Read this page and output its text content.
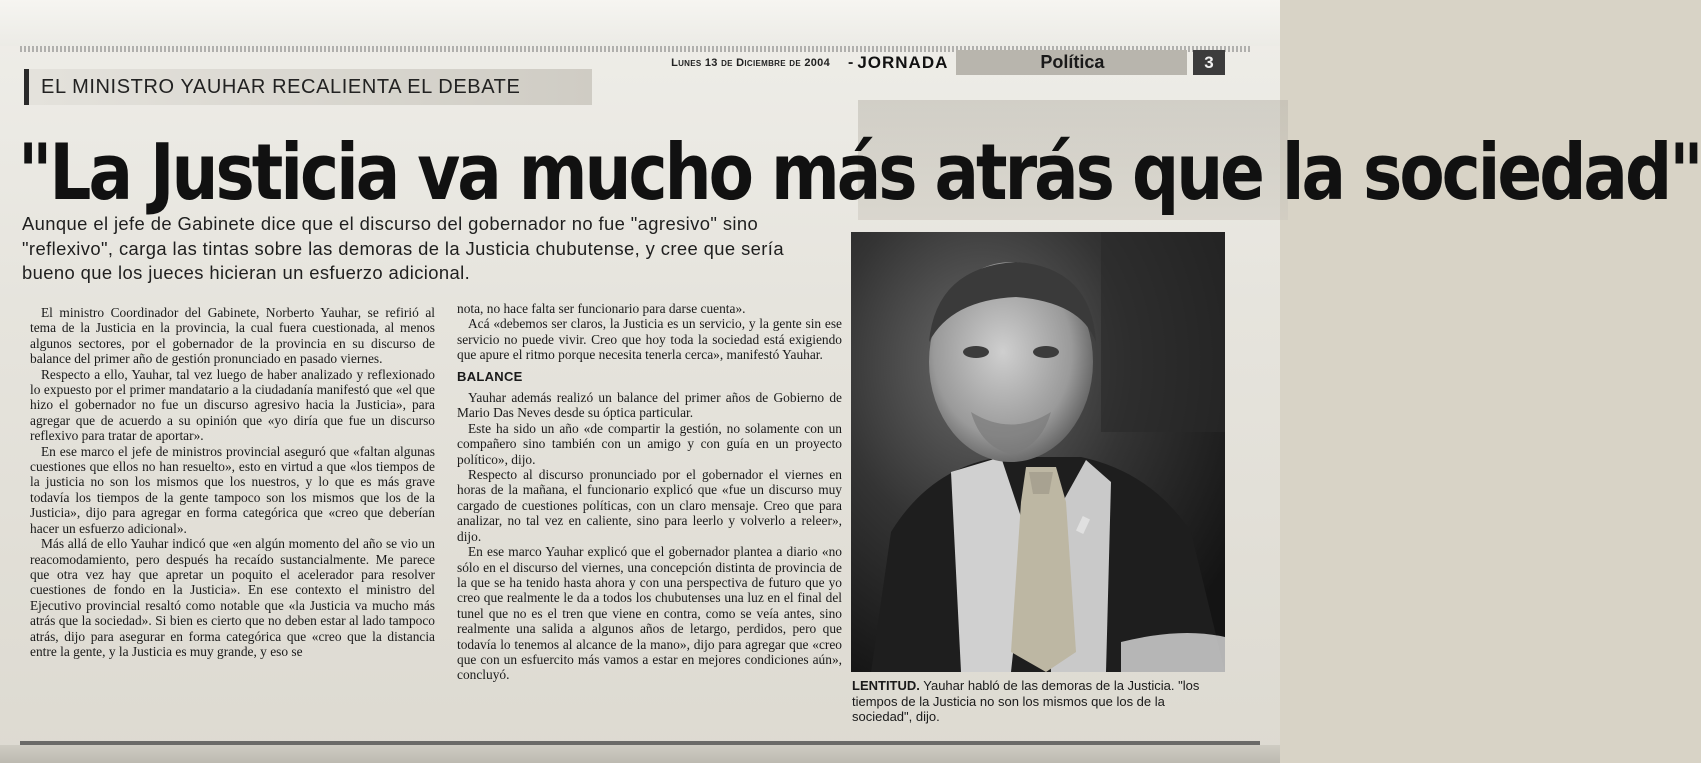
Lunes 13 de Diciembre de 2004 - JORNADA	Política	3
EL MINISTRO YAUHAR RECALIENTA EL DEBATE
"La Justicia va mucho más atrás que la sociedad"
Aunque el jefe de Gabinete dice que el discurso del gobernador no fue "agresivo" sino "reflexivo", carga las tintas sobre las demoras de la Justicia chubutense, y cree que sería bueno que los jueces hicieran un esfuerzo adicional.

El ministro Coordinador del Gabinete, Norberto Yauhar, se refirió al tema de la Justicia en la provincia, la cual fuera cuestionada, al menos algunos sectores, por el gobernador de la provincia en su discurso de balance del primer año de gestión pronunciado en pasado viernes.

Respecto a ello, Yauhar, tal vez luego de haber analizado y reflexionado lo expuesto por el primer mandatario a la ciudadanía manifestó que «el que hizo el gobernador no fue un discurso agresivo hacia la Justicia», para agregar que de acuerdo a su opinión que «yo diría que fue un discurso reflexivo para tratar de aportar».

En ese marco el jefe de ministros provincial aseguró que «faltan algunas cuestiones que ellos no han resuelto», esto en virtud a que «los tiempos de la justicia no son los mismos que los nuestros, y lo que es más grave todavía los tiempos de la gente tampoco son los mismos que los de la Justicia», dijo para agregar en forma categórica que «creo que deberían hacer un esfuerzo adicional».

Más allá de ello Yauhar indicó que «en algún momento del año se vio un reacomodamiento, pero después ha recaído sustancialmente. Me parece que otra vez hay que apretar un poquito el acelerador para resolver cuestiones de fondo en la Justicia». En ese contexto el ministro del Ejecutivo provincial resaltó como notable que «la Justicia va mucho más atrás que la sociedad». Si bien es cierto que no deben estar al lado tampoco atrás, dijo para asegurar en forma categórica que «creo que la distancia entre la gente, y la Justicia es muy grande, y eso se

nota, no hace falta ser funcionario para darse cuenta».

Acá «debemos ser claros, la Justicia es un servicio, y la gente sin ese servicio no puede vivir. Creo que hoy toda la sociedad está exigiendo que apure el ritmo porque necesita tenerla cerca», manifestó Yauhar.

BALANCE

Yauhar además realizó un balance del primer años de Gobierno de Mario Das Neves desde su óptica particular.

Este ha sido un año «de compartir la gestión, no solamente con un compañero sino también con un amigo y con guía en un proyecto político», dijo.

Respecto al discurso pronunciado por el gobernador el viernes en horas de la mañana, el funcionario explicó que «fue un discurso muy cargado de cuestiones políticas, con un claro mensaje. Creo que para analizar, no tal vez en caliente, sino para leerlo y volverlo a releer», dijo.

En ese marco Yauhar explicó que el gobernador plantea a diario «no sólo en el discurso del viernes, una concepción distinta de provincia de la que se ha tenido hasta ahora y con una perspectiva de futuro que yo creo que realmente le da a todos los chubutenses una luz en el final del tunel que no es el tren que viene en contra, como se veía antes, sino realmente una salida a algunos años de letargo, perdidos, pero que todavía lo tenemos al alcance de la mano», dijo para agregar que «creo que con un esfuercito más vamos a estar en mejores condiciones aún», concluyó.

LENTITUD. Yauhar habló de las demoras de la Justicia. "los tiempos de la Justicia no son los mismos que los de la sociedad", dijo.
